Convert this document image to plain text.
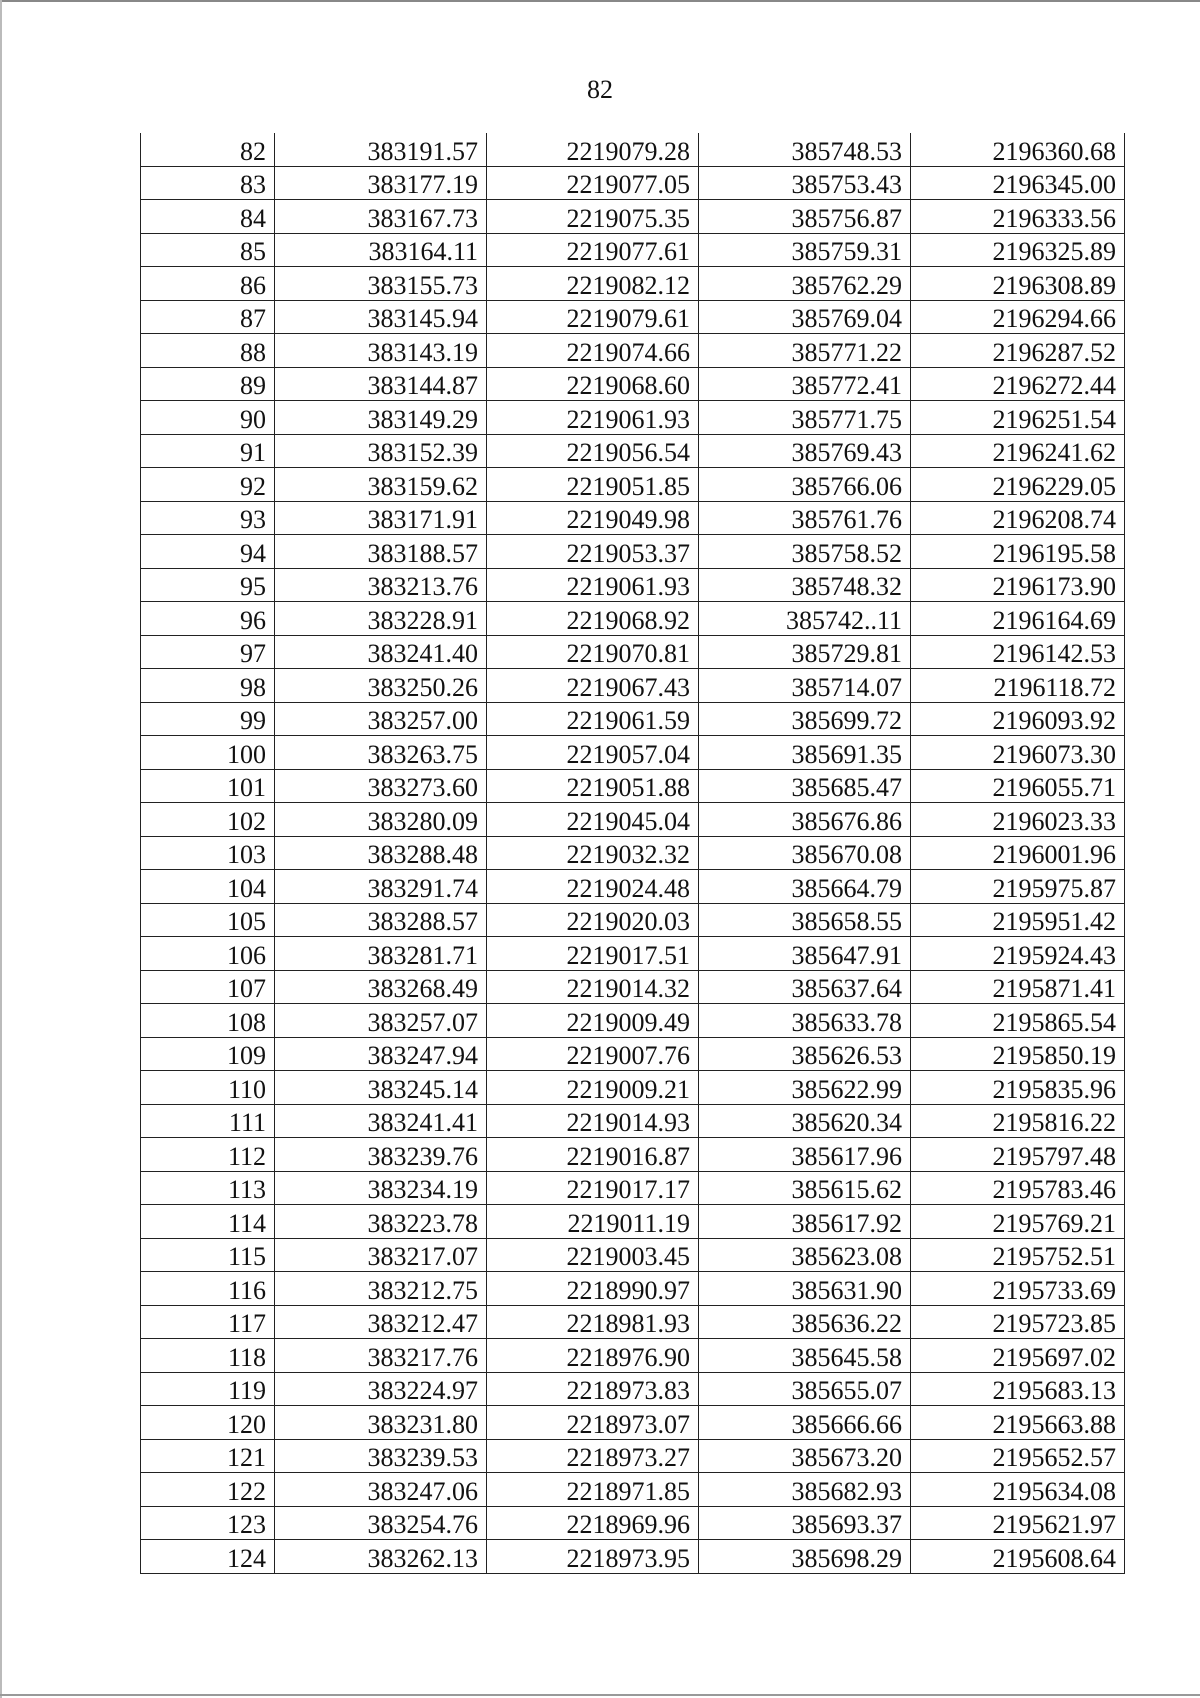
82
82	383191.57	2219079.28	385748.53	2196360.68
83	383177.19	2219077.05	385753.43	2196345.00
84	383167.73	2219075.35	385756.87	2196333.56
85	383164.11	2219077.61	385759.31	2196325.89
86	383155.73	2219082.12	385762.29	2196308.89
87	383145.94	2219079.61	385769.04	2196294.66
88	383143.19	2219074.66	385771.22	2196287.52
89	383144.87	2219068.60	385772.41	2196272.44
90	383149.29	2219061.93	385771.75	2196251.54
91	383152.39	2219056.54	385769.43	2196241.62
92	383159.62	2219051.85	385766.06	2196229.05
93	383171.91	2219049.98	385761.76	2196208.74
94	383188.57	2219053.37	385758.52	2196195.58
95	383213.76	2219061.93	385748.32	2196173.90
96	383228.91	2219068.92	385742..11	2196164.69
97	383241.40	2219070.81	385729.81	2196142.53
98	383250.26	2219067.43	385714.07	2196118.72
99	383257.00	2219061.59	385699.72	2196093.92
100	383263.75	2219057.04	385691.35	2196073.30
101	383273.60	2219051.88	385685.47	2196055.71
102	383280.09	2219045.04	385676.86	2196023.33
103	383288.48	2219032.32	385670.08	2196001.96
104	383291.74	2219024.48	385664.79	2195975.87
105	383288.57	2219020.03	385658.55	2195951.42
106	383281.71	2219017.51	385647.91	2195924.43
107	383268.49	2219014.32	385637.64	2195871.41
108	383257.07	2219009.49	385633.78	2195865.54
109	383247.94	2219007.76	385626.53	2195850.19
110	383245.14	2219009.21	385622.99	2195835.96
111	383241.41	2219014.93	385620.34	2195816.22
112	383239.76	2219016.87	385617.96	2195797.48
113	383234.19	2219017.17	385615.62	2195783.46
114	383223.78	2219011.19	385617.92	2195769.21
115	383217.07	2219003.45	385623.08	2195752.51
116	383212.75	2218990.97	385631.90	2195733.69
117	383212.47	2218981.93	385636.22	2195723.85
118	383217.76	2218976.90	385645.58	2195697.02
119	383224.97	2218973.83	385655.07	2195683.13
120	383231.80	2218973.07	385666.66	2195663.88
121	383239.53	2218973.27	385673.20	2195652.57
122	383247.06	2218971.85	385682.93	2195634.08
123	383254.76	2218969.96	385693.37	2195621.97
124	383262.13	2218973.95	385698.29	2195608.64
